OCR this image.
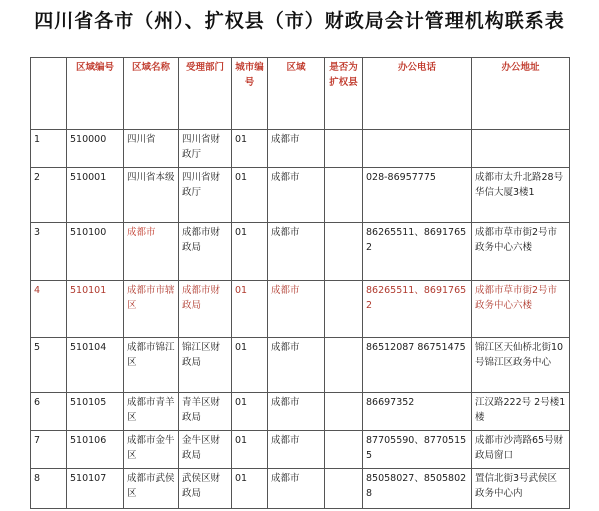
四川省各市（州）、扩权县（市）财政局会计管理机构联系表
	区域编号	区域名称	受理部门	城市编号	区域	是否为扩权县	办公电话	办公地址
1	510000	四川省	四川省财政厅	01	成都市			
2	510001	四川省本级	四川省财政厅	01	成都市		028-86957775	成都市太升北路28号华信大厦3楼1
3	510100	成都市	成都市财政局	01	成都市		86265511、86917652	成都市草市街2号市政务中心六楼
4	510101	成都市市辖区	成都市财政局	01	成都市		86265511、86917652	成都市草市街2号市政务中心六楼
5	510104	成都市锦江区	锦江区财政局	01	成都市		86512087 86751475	锦江区天仙桥北街10号锦江区政务中心
6	510105	成都市青羊区	青羊区财政局	01	成都市		86697352	江汉路222号 2号楼1楼
7	510106	成都市金牛区	金牛区财政局	01	成都市		87705590、87705155	成都市沙湾路65号财政局窗口
8	510107	成都市武侯区	武侯区财政局	01	成都市		85058027、85058028	置信北街3号武侯区政务中心内
